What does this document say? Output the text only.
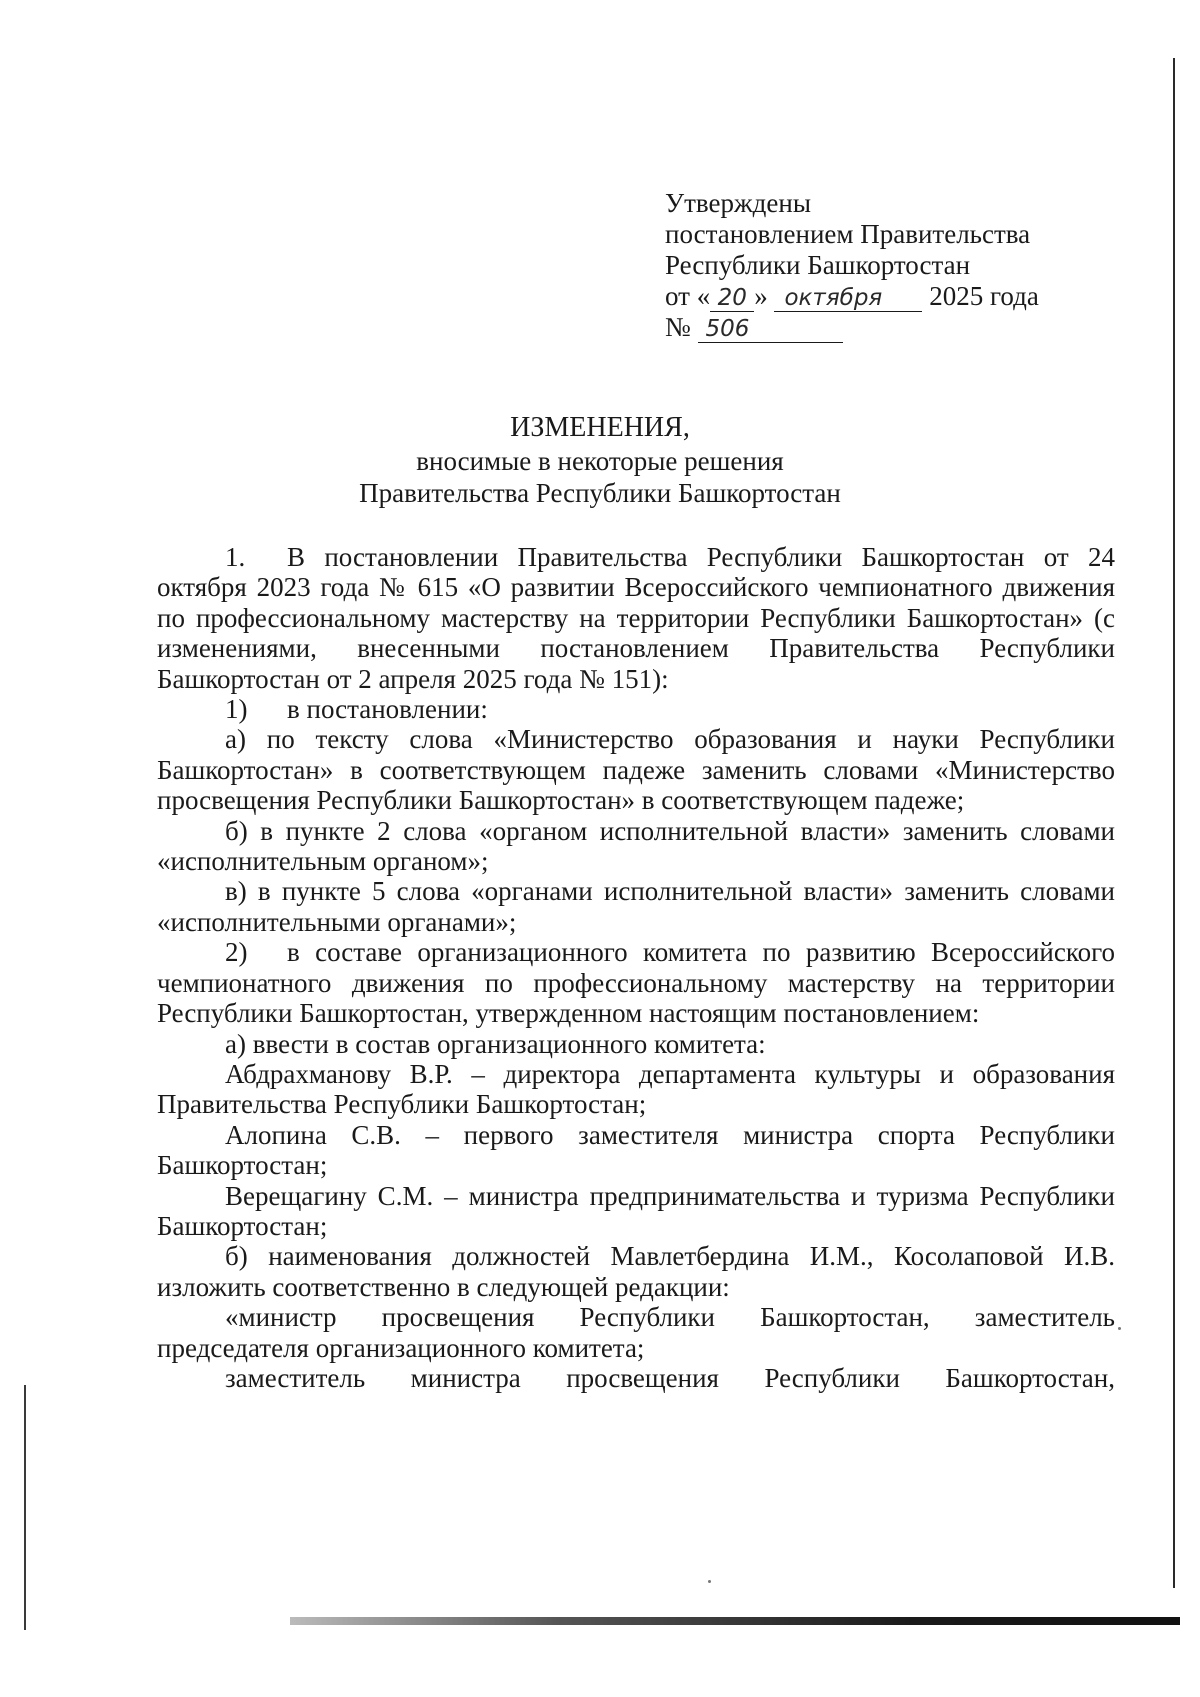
Утверждены
постановлением Правительства
Республики Башкортостан
от « 20 » октября 2025 года
№ 506
ИЗМЕНЕНИЯ,
вносимые в некоторые решения
Правительства Республики Башкортостан

1. В постановлении Правительства Республики Башкортостан от 24 октября 2023 года № 615 «О развитии Всероссийского чемпионатного движения по профессиональному мастерству на территории Республики Башкортостан» (с изменениями, внесенными постановлением Правительства Республики Башкортостан от 2 апреля 2025 года № 151):

1) в постановлении:

а) по тексту слова «Министерство образования и науки Республики Башкортостан» в соответствующем падеже заменить словами «Министерство просвещения Республики Башкортостан» в соответствующем падеже;

б) в пункте 2 слова «органом исполнительной власти» заменить словами «исполнительным органом»;

в) в пункте 5 слова «органами исполнительной власти» заменить словами «исполнительными органами»;

2) в составе организационного комитета по развитию Всероссийского чемпионатного движения по профессиональному мастерству на территории Республики Башкортостан, утвержденном настоящим постановлением:

а) ввести в состав организационного комитета:

Абдрахманову В.Р. – директора департамента культуры и образования Правительства Республики Башкортостан;

Алопина С.В. – первого заместителя министра спорта Республики Башкортостан;

Верещагину С.М. – министра предпринимательства и туризма Республики Башкортостан;

б) наименования должностей Мавлетбердина И.М., Косолаповой И.В. изложить соответственно в следующей редакции:

«министр просвещения Республики Башкортостан, заместитель председателя организационного комитета;

заместитель министра просвещения Республики Башкортостан,
